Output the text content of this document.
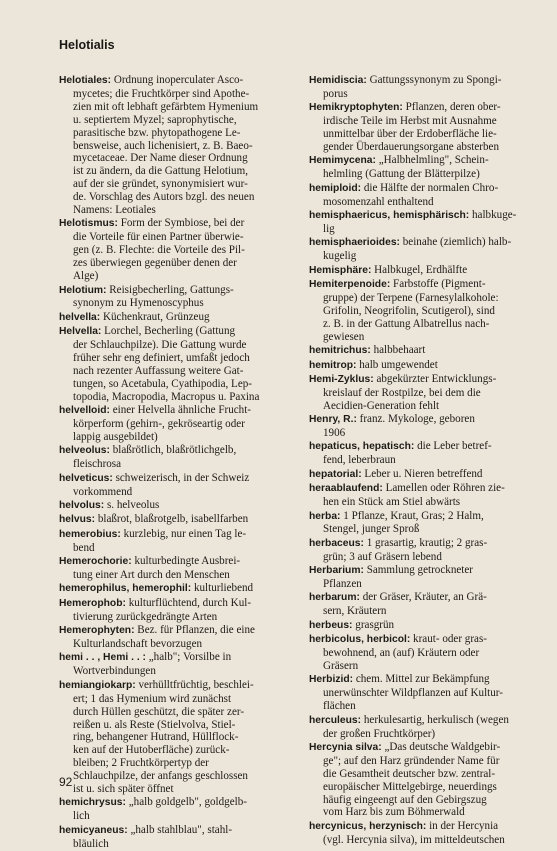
Helotialis
Helotiales: Ordnung inoperculater Asco-
mycetes; die Fruchtkörper sind Apothe-
zien mit oft lebhaft gefärbtem Hymenium
u. septiertem Myzel; saprophytische,
parasitische bzw. phytopathogene Le-
bensweise, auch lichenisiert, z. B. Baeo-
mycetaceae. Der Name dieser Ordnung
ist zu ändern, da die Gattung Helotium,
auf der sie gründet, synonymisiert wur-
de. Vorschlag des Autors bzgl. des neuen
Namens: Leotiales
Helotismus: Form der Symbiose, bei der
die Vorteile für einen Partner überwie-
gen (z. B. Flechte: die Vorteile des Pil-
zes überwiegen gegenüber denen der
Alge)
Helotium: Reisigbecherling, Gattungs-
synonym zu Hymenoscyphus
helvella: Küchenkraut, Grünzeug
Helvella: Lorchel, Becherling (Gattung
der Schlauchpilze). Die Gattung wurde
früher sehr eng definiert, umfaßt jedoch
nach rezenter Auffassung weitere Gat-
tungen, so Acetabula, Cyathipodia, Lep-
topodia, Macropodia, Macropus u. Paxina
helvelloid: einer Helvella ähnliche Frucht-
körperform (gehirn-, gekröseartig oder
lappig ausgebildet)
helveolus: blaßrötlich, blaßrötlichgelb,
fleischrosa
helveticus: schweizerisch, in der Schweiz
vorkommend
helvolus: s. helveolus
helvus: blaßrot, blaßrotgelb, isabellfarben
hemerobius: kurzlebig, nur einen Tag le-
bend
Hemerochorie: kulturbedingte Ausbrei-
tung einer Art durch den Menschen
hemerophilus, hemerophil: kulturliebend
Hemerophob: kulturflüchtend, durch Kul-
tivierung zurückgedrängte Arten
Hemerophyten: Bez. für Pflanzen, die eine
Kulturlandschaft bevorzugen
hemi . . , Hemi . . : „halb"; Vorsilbe in
Wortverbindungen
hemiangiokarp: verhülltfrüchtig, beschlei-
ert; 1 das Hymenium wird zunächst
durch Hüllen geschützt, die später zer-
reißen u. als Reste (Stielvolva, Stiel-
ring, behangener Hutrand, Hüllflock-
ken auf der Hutoberfläche) zurück-
bleiben; 2 Fruchtkörpertyp der
Schlauchpilze, der anfangs geschlossen
ist u. sich später öffnet
hemichrysus: „halb goldgelb", goldgelb-
lich
hemicyaneus: „halb stahlblau", stahl-
bläulich
Hemidiscia: Gattungssynonym zu Spongi-
porus
Hemikryptophyten: Pflanzen, deren ober-
irdische Teile im Herbst mit Ausnahme
unmittelbar über der Erdoberfläche lie-
gender Überdauerungsorgane absterben
Hemimycena: „Halbhelmling", Schein-
helmling (Gattung der Blätterpilze)
hemiploid: die Hälfte der normalen Chro-
mosomenzahl enthaltend
hemisphaericus, hemisphärisch: halbkuge-
lig
hemisphaerioides: beinahe (ziemlich) halb-
kugelig
Hemisphäre: Halbkugel, Erdhälfte
Hemiterpenoide: Farbstoffe (Pigment-
gruppe) der Terpene (Farnesylalkohole:
Grifolin, Neogrifolin, Scutigerol), sind
z. B. in der Gattung Albatrellus nach-
gewiesen
hemitrichus: halbbehaart
hemitrop: halb umgewendet
Hemi-Zyklus: abgekürzter Entwicklungs-
kreislauf der Rostpilze, bei dem die
Aecidien-Generation fehlt
Henry, R.: franz. Mykologe, geboren
1906
hepaticus, hepatisch: die Leber betref-
fend, leberbraun
hepatorial: Leber u. Nieren betreffend
heraablaufend: Lamellen oder Röhren zie-
hen ein Stück am Stiel abwärts
herba: 1 Pflanze, Kraut, Gras; 2 Halm,
Stengel, junger Sproß
herbaceus: 1 grasartig, krautig; 2 gras-
grün; 3 auf Gräsern lebend
Herbarium: Sammlung getrockneter
Pflanzen
herbarum: der Gräser, Kräuter, an Grä-
sern, Kräutern
herbeus: grasgrün
herbicolus, herbicol: kraut- oder gras-
bewohnend, an (auf) Kräutern oder
Gräsern
Herbizid: chem. Mittel zur Bekämpfung
unerwünschter Wildpflanzen auf Kultur-
flächen
herculeus: herkulesartig, herkulisch (wegen
der großen Fruchtkörper)
Hercynia silva: „Das deutsche Waldgebir-
ge"; auf den Harz gründender Name für
die Gesamtheit deutscher bzw. zentral-
europäischer Mittelgebirge, neuerdings
häufig eingeengt auf den Gebirgszug
vom Harz bis zum Böhmerwald
hercynicus, herzynisch: in der Hercynia
(vgl. Hercynia silva), im mitteldeutschen
92
